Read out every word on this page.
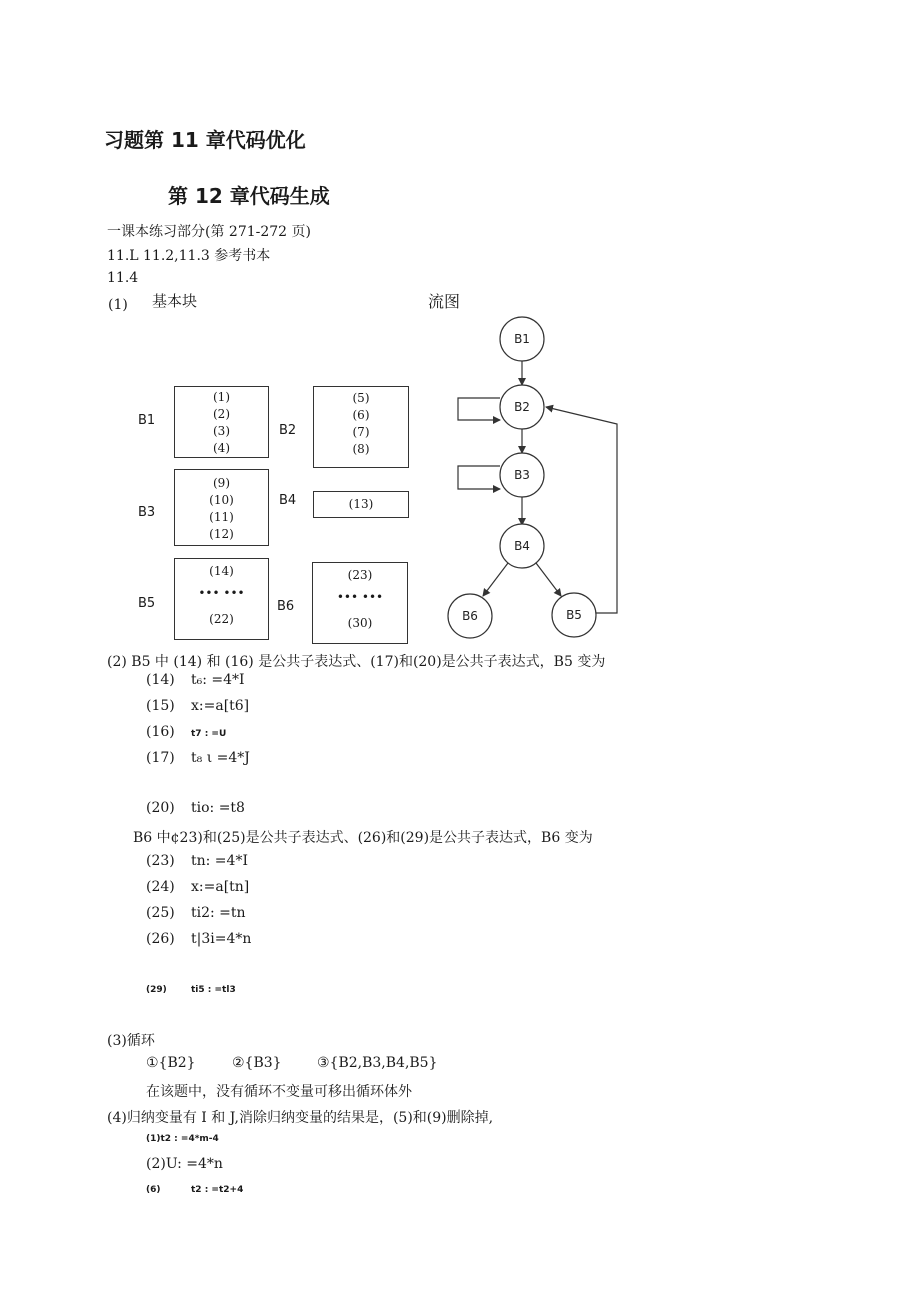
习题第 11 章代码优化
第 12 章代码生成
一课本练习部分(第 271-272 页)
11.L 11.2,11.3 参考书本
11.4
(1) 基本块	流图
B1
(1)
(2)
(3)
(4)
B2
(5)
(6)
(7)
(8)
B3
(9)
(10)
(11)
(12)
B4	(13)
B5
(14)
••• •••
(22)
B6
(23)
••• •••
(30)
B1
B2
B3
B4
B6	B5
(2) B5 中 (14) 和 (16) 是公共子表达式、(17)和(20)是公共子表达式，B5 变为
(14) t₆: =4*I
(15) x:=a[t6]
(16) t7 : =U
(17) t₈ ι =4*J
(20) tio: =t8
B6 中¢23)和(25)是公共子表达式、(26)和(29)是公共子表达式，B6 变为
(23) tn: =4*I
(24) x:=a[tn]
(25) ti2: =tn
(26) t|3i=4*n
(29)	ti5 : =tl3
(3)循环
①{B2}	②{B3}	③{B2,B3,B4,B5}
在该题中，没有循环不变量可移出循环体外
(4)归纳变量有 I 和 J,消除归纳变量的结果是，(5)和(9)删除掉,
(1)t2 : =4*m-4
(2)U: =4*n
(6)	t2 : =t2+4
